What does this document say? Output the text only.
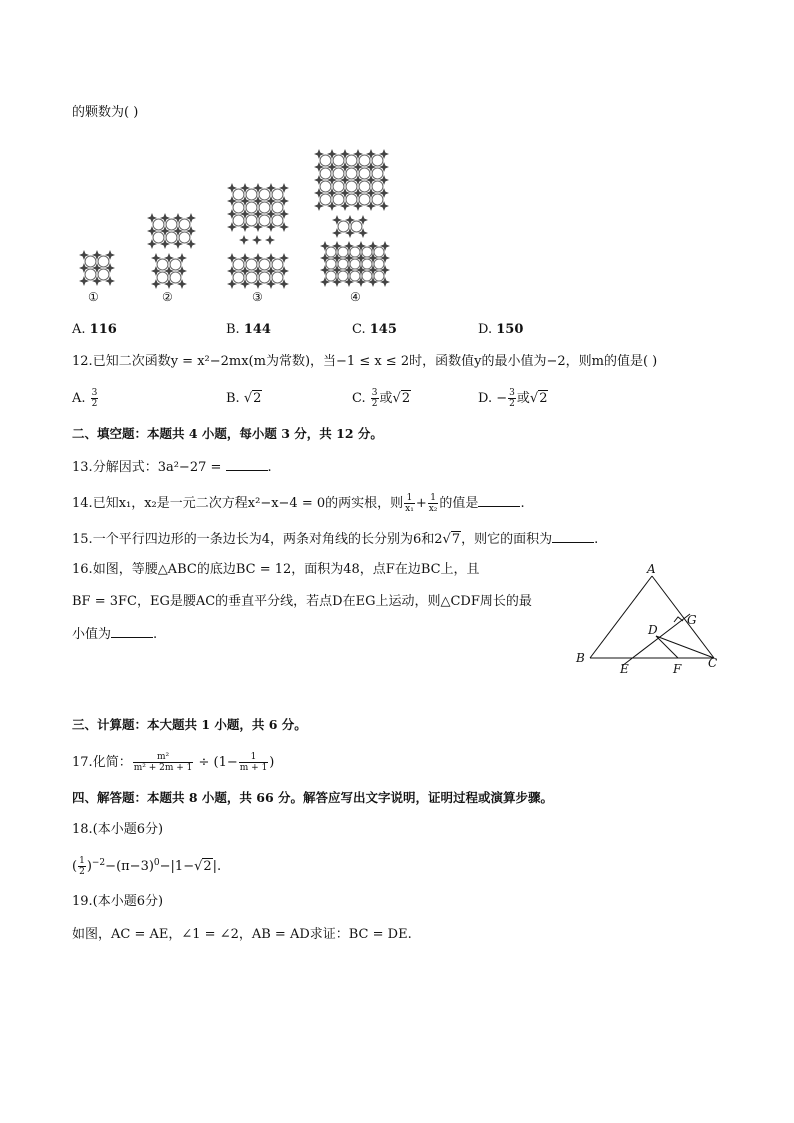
的颗数为( )
①	②	③	④
A. 116	B. 144	C. 145	D. 150
12.已知二次函数y = x²−2mx(m为常数)，当−1 ≤ x ≤ 2时，函数值y的最小值为−2，则m的值是( )
A. $\frac{3}{2}$	B. √2	C. $\frac{3}{2}$ 或√2	D. − $\frac{3}{2}$ 或√2
二、填空题：本题共 4 小题，每小题 3 分，共 12 分。
13.分解因式：3a²−27 =	.
14.已知x₁，x₂是一元二次方程x²−x−4 = 0的两实根，则 $\frac{1}{\text{x₁}} + \frac{1}{\text{x₂}}$ 的值是	.
15.一个平行四边形的一条边长为4，两条对角线的长分别为6和2√7，则它的面积为	.
16.如图，等腰△ABC的底边BC = 12，面积为48，点F在边BC上，且
BF = 3FC，EG是腰AC的垂直平分线，若点D在EG上运动，则△CDF周长的最
小值为	.
A
B	C
D
E	F
G
三、计算题：本大题共 1 小题，共 6 分。
17.化简： $\frac{\text{m²}}{\text{m² + 2m + 1}} \div (1- \frac{1}{m + 1}$ )
四、解答题：本题共 8 小题，共 66 分。解答应写出文字说明，证明过程或演算步骤。
18.(本小题6分)
( $\frac{1}{2} )^{-2}-(\pi-3)^0-|1-√2|$.
19.(本小题6分)
如图，AC = AE，∠1 = ∠2，AB = AD求证：BC = DE.
